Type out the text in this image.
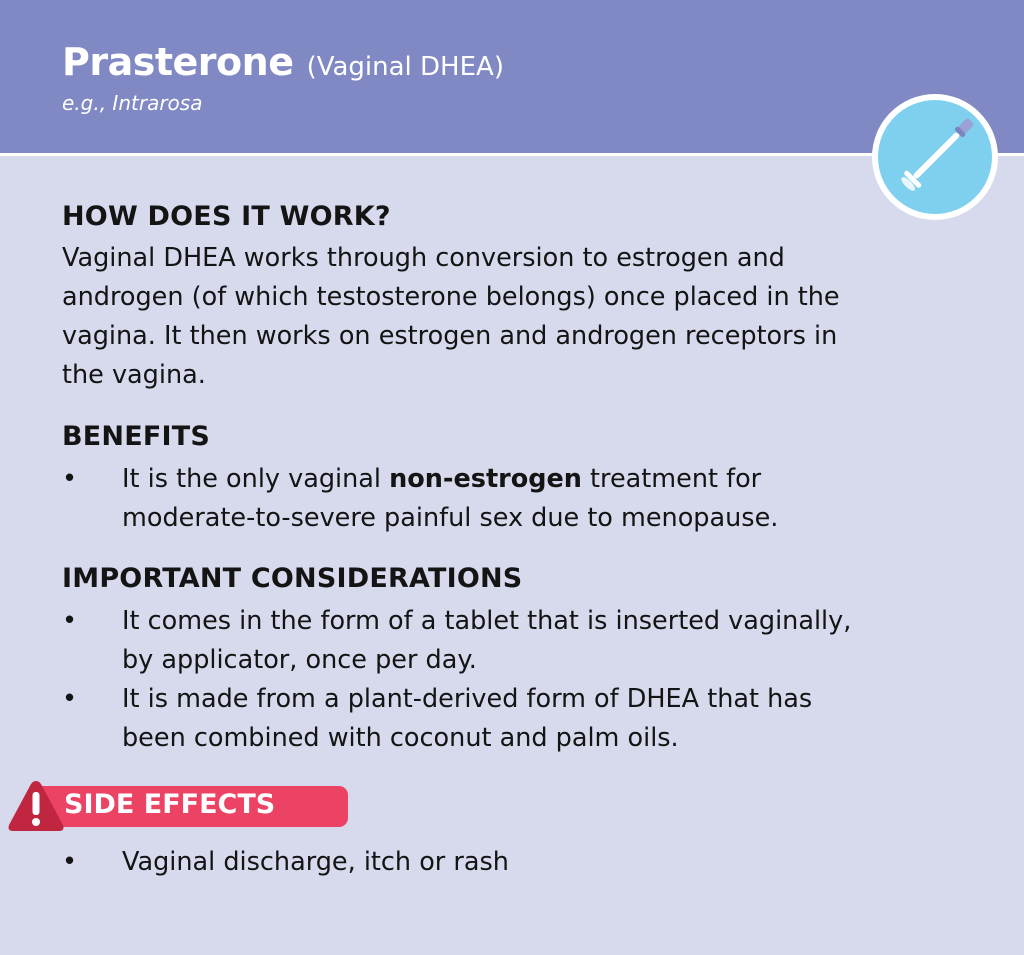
Prasterone (Vaginal DHEA)
e.g., Intrarosa
HOW DOES IT WORK?
Vaginal DHEA works through conversion to estrogen and
androgen (of which testosterone belongs) once placed in the
vagina. It then works on estrogen and androgen receptors in
the vagina.
BENEFITS
•	It is the only vaginal non-estrogen treatment for
moderate-to-severe painful sex due to menopause.
IMPORTANT CONSIDERATIONS
•	It comes in the form of a tablet that is inserted vaginally,
by applicator, once per day.
•	It is made from a plant-derived form of DHEA that has
been combined with coconut and palm oils.
SIDE EFFECTS
•	Vaginal discharge, itch or rash
